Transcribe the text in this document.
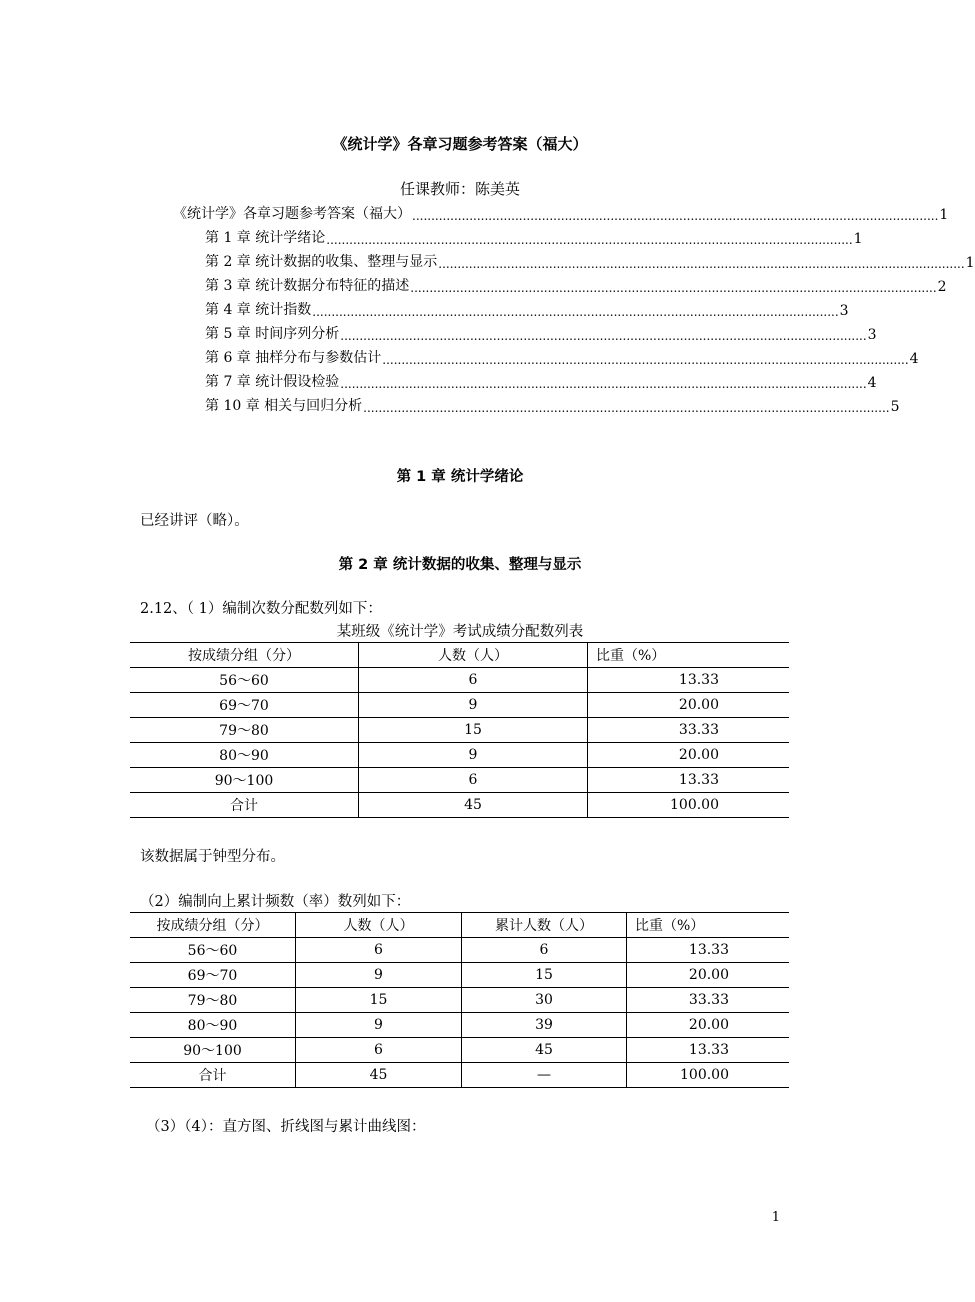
《统计学》各章习题参考答案（福大）
任课教师：陈美英
《统计学》各章习题参考答案（福大） .......................................................................................................................................... 1
第 1 章 统计学绪论 .......................................................................................................................................... 1
第 2 章 统计数据的收集、整理与显示 .......................................................................................................................................... 1
第 3 章 统计数据分布特征的描述 .......................................................................................................................................... 2
第 4 章 统计指数 .......................................................................................................................................... 3
第 5 章 时间序列分析 .......................................................................................................................................... 3
第 6 章 抽样分布与参数估计 .......................................................................................................................................... 4
第 7 章 统计假设检验 .......................................................................................................................................... 4
第 10 章 相关与回归分析 .......................................................................................................................................... 5
第 1 章 统计学绪论
已经讲评（略）。
第 2 章 统计数据的收集、整理与显示
2.12、（ 1）编制次数分配数列如下：
某班级《统计学》考试成绩分配数列表
按成绩分组（分）	人数（人）	比重（%）
56～60	6	13.33
69～70	9	20.00
79～80	15	33.33
80～90	9	20.00
90～100	6	13.33
合计	45	100.00
该数据属于钟型分布。
（2）编制向上累计频数（率）数列如下：
按成绩分组（分）	人数（人）	累计人数（人）	比重（%）
56～60	6	6	13.33
69～70	9	15	20.00
79～80	15	30	33.33
80～90	9	39	20.00
90～100	6	45	13.33
合计	45	—	100.00
（3）（4）：直方图、折线图与累计曲线图：
1
